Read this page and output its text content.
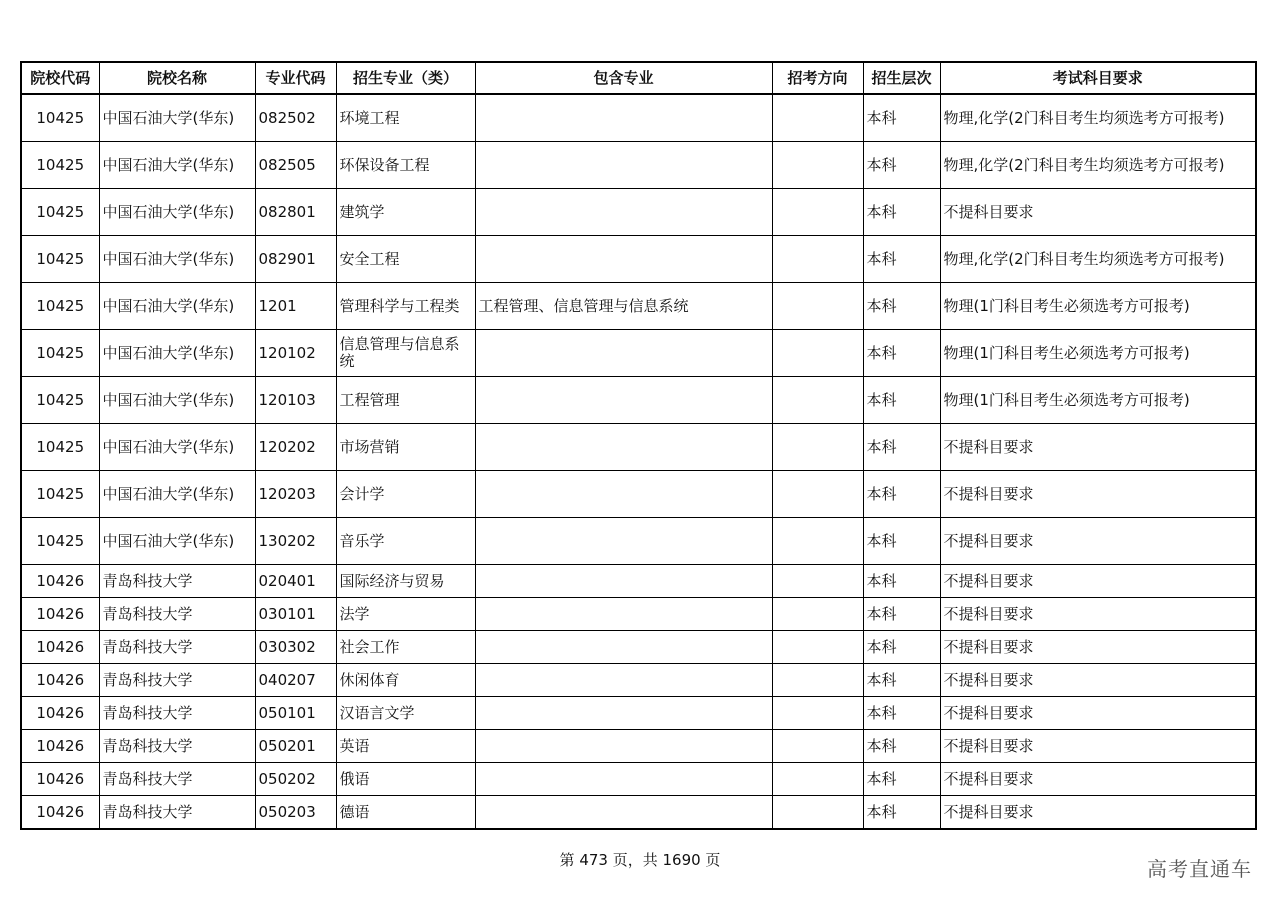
院校代码	院校名称	专业代码	招生专业（类）	包含专业	招考方向	招生层次	考试科目要求
10425	中国石油大学(华东)	082502	环境工程			本科	物理,化学(2门科目考生均须选考方可报考)
10425	中国石油大学(华东)	082505	环保设备工程			本科	物理,化学(2门科目考生均须选考方可报考)
10425	中国石油大学(华东)	082801	建筑学			本科	不提科目要求
10425	中国石油大学(华东)	082901	安全工程			本科	物理,化学(2门科目考生均须选考方可报考)
10425	中国石油大学(华东)	1201	管理科学与工程类	工程管理、信息管理与信息系统		本科	物理(1门科目考生必须选考方可报考)
10425	中国石油大学(华东)	120102	信息管理与信息系统			本科	物理(1门科目考生必须选考方可报考)
10425	中国石油大学(华东)	120103	工程管理			本科	物理(1门科目考生必须选考方可报考)
10425	中国石油大学(华东)	120202	市场营销			本科	不提科目要求
10425	中国石油大学(华东)	120203	会计学			本科	不提科目要求
10425	中国石油大学(华东)	130202	音乐学			本科	不提科目要求
10426	青岛科技大学	020401	国际经济与贸易			本科	不提科目要求
10426	青岛科技大学	030101	法学			本科	不提科目要求
10426	青岛科技大学	030302	社会工作			本科	不提科目要求
10426	青岛科技大学	040207	休闲体育			本科	不提科目要求
10426	青岛科技大学	050101	汉语言文学			本科	不提科目要求
10426	青岛科技大学	050201	英语			本科	不提科目要求
10426	青岛科技大学	050202	俄语			本科	不提科目要求
10426	青岛科技大学	050203	德语			本科	不提科目要求
第 473 页，共 1690 页	高考直通车
